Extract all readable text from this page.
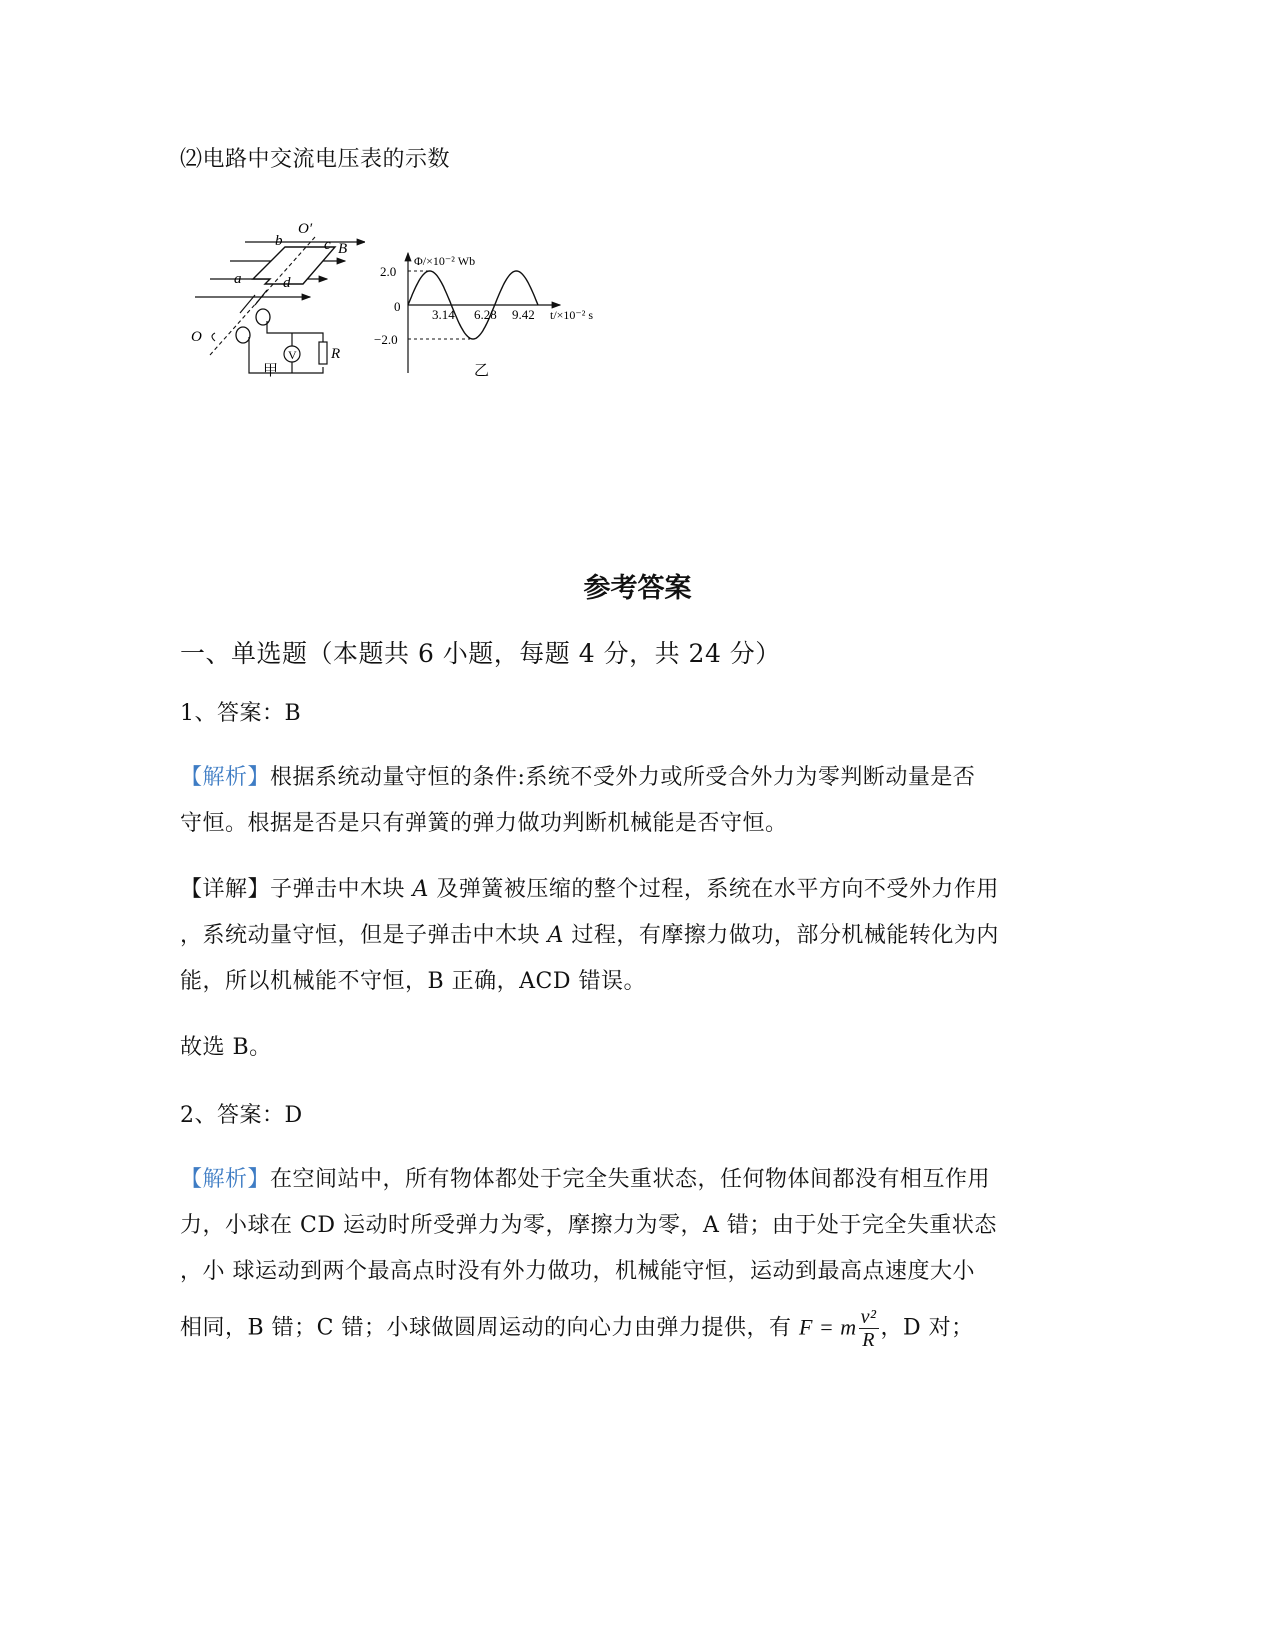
⑵电路中交流电压表的示数
V R
O′
b	c B
a	d
O
甲
Φ/×10⁻² Wb
2.0
0
−2.0
3.14 6.28 9.42 t/×10⁻² s
乙
参考答案
一、单选题（本题共 6 小题，每题 4 分，共 24 分）
1、答案：B
【解析】根据系统动量守恒的条件:系统不受外力或所受合外力为零判断动量是否
守恒。根据是否是只有弹簧的弹力做功判断机械能是否守恒。
【详解】子弹击中木块 A 及弹簧被压缩的整个过程，系统在水平方向不受外力作用
，系统动量守恒，但是子弹击中木块 A 过程，有摩擦力做功，部分机械能转化为内
能，所以机械能不守恒，B 正确，ACD 错误。
故选 B。
2、答案：D
【解析】在空间站中，所有物体都处于完全失重状态，任何物体间都没有相互作用
力，小球在 CD 运动时所受弹力为零，摩擦力为零，A 错；由于处于完全失重状态
，小 球运动到两个最高点时没有外力做功，机械能守恒，运动到最高点速度大小
相同，B 错；C 错；小球做圆周运动的向心力由弹力提供，有 F = m $\frac{\text{v²}}{R}$ ，D 对；
